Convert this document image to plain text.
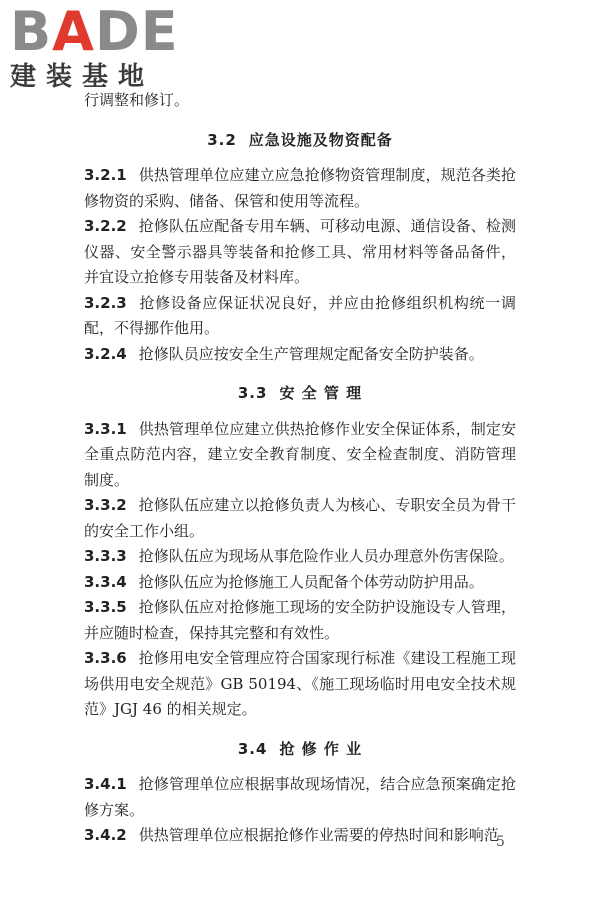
BADE
建装基地

行调整和修订。

3.2 应急设施及物资配备

3.2.1 供热管理单位应建立应急抢修物资管理制度，规范各类抢修物资的采购、储备、保管和使用等流程。

3.2.2 抢修队伍应配备专用车辆、可移动电源、通信设备、检测仪器、安全警示器具等装备和抢修工具、常用材料等备品备件，并宜设立抢修专用装备及材料库。

3.2.3 抢修设备应保证状况良好，并应由抢修组织机构统一调配，不得挪作他用。

3.2.4 抢修队员应按安全生产管理规定配备安全防护装备。

3.3 安 全 管 理

3.3.1 供热管理单位应建立供热抢修作业安全保证体系，制定安全重点防范内容，建立安全教育制度、安全检查制度、消防管理制度。

3.3.2 抢修队伍应建立以抢修负责人为核心、专职安全员为骨干的安全工作小组。

3.3.3 抢修队伍应为现场从事危险作业人员办理意外伤害保险。

3.3.4 抢修队伍应为抢修施工人员配备个体劳动防护用品。

3.3.5 抢修队伍应对抢修施工现场的安全防护设施设专人管理，并应随时检查，保持其完整和有效性。

3.3.6 抢修用电安全管理应符合国家现行标准《建设工程施工现场供用电安全规范》GB 50194、《施工现场临时用电安全技术规范》JGJ 46 的相关规定。

3.4 抢 修 作 业

3.4.1 抢修管理单位应根据事故现场情况，结合应急预案确定抢修方案。

3.4.2 供热管理单位应根据抢修作业需要的停热时间和影响范

5
